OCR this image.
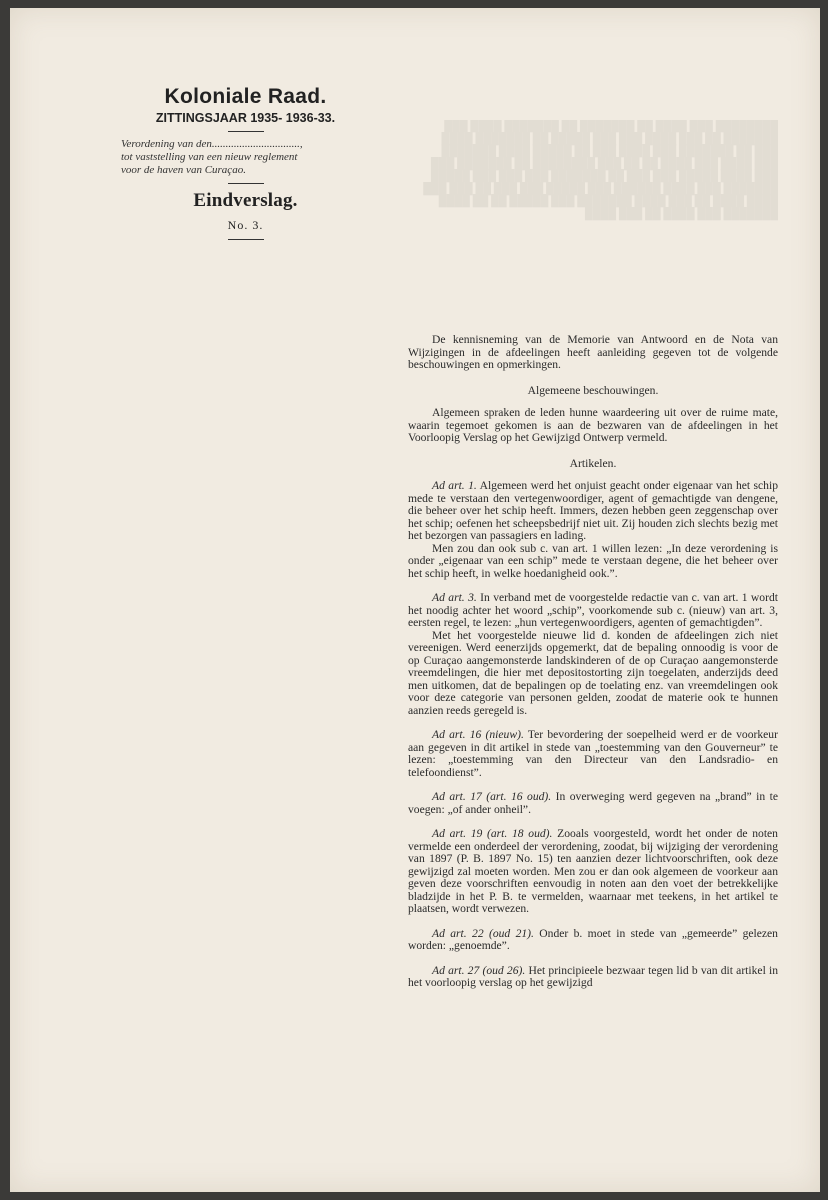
████████ ███ ████ ██ ███████ ██ ███████ ████ ███ ███████ ██ ███ ████ ███ ███ █████ ██ ███████ ████ ███ ██ ███████ ███ ████ ███ ██ █████ ████ ███████ ███ ████ ███ ████ ██ ██ ███ ████████ ██ ███████ ███ ███ ████ █████ ███ ███ ██ ███████ ███ ███ ███ █████ ███████ ███ ████ ██████ ███ █████ ███ ███ ██ ███ ███ ████ ████ ██ ███ ████ ███████ ███ █████ ██ ██ ████ ███████ ███ ████ ██ ███ ████
Koloniale Raad.
ZITTINGSJAAR 1935- 1936-33.
Verordening van den................................,
tot vaststelling van een nieuw reglement
voor de haven van Curaçao.
Eindverslag.
No. 3.

De kennisneming van de Memorie van Antwoord en de Nota van Wijzigingen in de afdeelingen heeft aanleiding gegeven tot de volgende beschouwingen en opmerkingen.

Algemeene beschouwingen.

Algemeen spraken de leden hunne waardeering uit over de ruime mate, waarin tegemoet gekomen is aan de bezwaren van de afdeelingen in het Voorloopig Verslag op het Gewijzigd Ontwerp vermeld.

Artikelen.

Ad art. 1. Algemeen werd het onjuist geacht onder eigenaar van het schip mede te verstaan den vertegenwoordiger, agent of gemachtigde van dengene, die beheer over het schip heeft. Immers, dezen hebben geen zeggenschap over het schip; oefenen het scheepsbedrijf niet uit. Zij houden zich slechts bezig met het bezorgen van passagiers en lading.

Men zou dan ook sub c. van art. 1 willen lezen: „In deze verordening is onder „eigenaar van een schip” mede te verstaan degene, die het beheer over het schip heeft, in welke hoedanigheid ook.”.

Ad art. 3. In verband met de voorgestelde redactie van c. van art. 1 wordt het noodig achter het woord „schip”, voorkomende sub c. (nieuw) van art. 3, eersten regel, te lezen: „hun vertegenwoordigers, agenten of gemachtigden”.

Met het voorgestelde nieuwe lid d. konden de afdeelingen zich niet vereenigen. Werd eenerzijds opgemerkt, dat de bepaling onnoodig is voor de op Curaçao aangemonsterde landskinderen of de op Curaçao aangemonsterde vreemdelingen, die hier met depositostorting zijn toegelaten, anderzijds deed men uitkomen, dat de bepalingen op de toelating enz. van vreemdelingen ook voor deze categorie van personen gelden, zoodat de materie ook te hunnen aanzien reeds geregeld is.

Ad art. 16 (nieuw). Ter bevordering der soepelheid werd er de voorkeur aan gegeven in dit artikel in stede van „toestemming van den Gouverneur” te lezen: „toestemming van den Directeur van den Landsradio- en telefoondienst”.

Ad art. 17 (art. 16 oud). In overweging werd gegeven na „brand” in te voegen: „of ander onheil”.

Ad art. 19 (art. 18 oud). Zooals voorgesteld, wordt het onder de noten vermelde een onderdeel der verordening, zoodat, bij wijziging der verordening van 1897 (P. B. 1897 No. 15) ten aanzien dezer lichtvoorschriften, ook deze gewijzigd zal moeten worden. Men zou er dan ook algemeen de voorkeur aan geven deze voorschriften eenvoudig in noten aan den voet der betrekkelijke bladzijde in het P. B. te vermelden, waarnaar met teekens, in het artikel te plaatsen, wordt verwezen.

Ad art. 22 (oud 21). Onder b. moet in stede van „gemeerde” gelezen worden: „genoemde”.

Ad art. 27 (oud 26). Het principieele bezwaar tegen lid b van dit artikel in het voorloopig verslag op het gewijzigd
